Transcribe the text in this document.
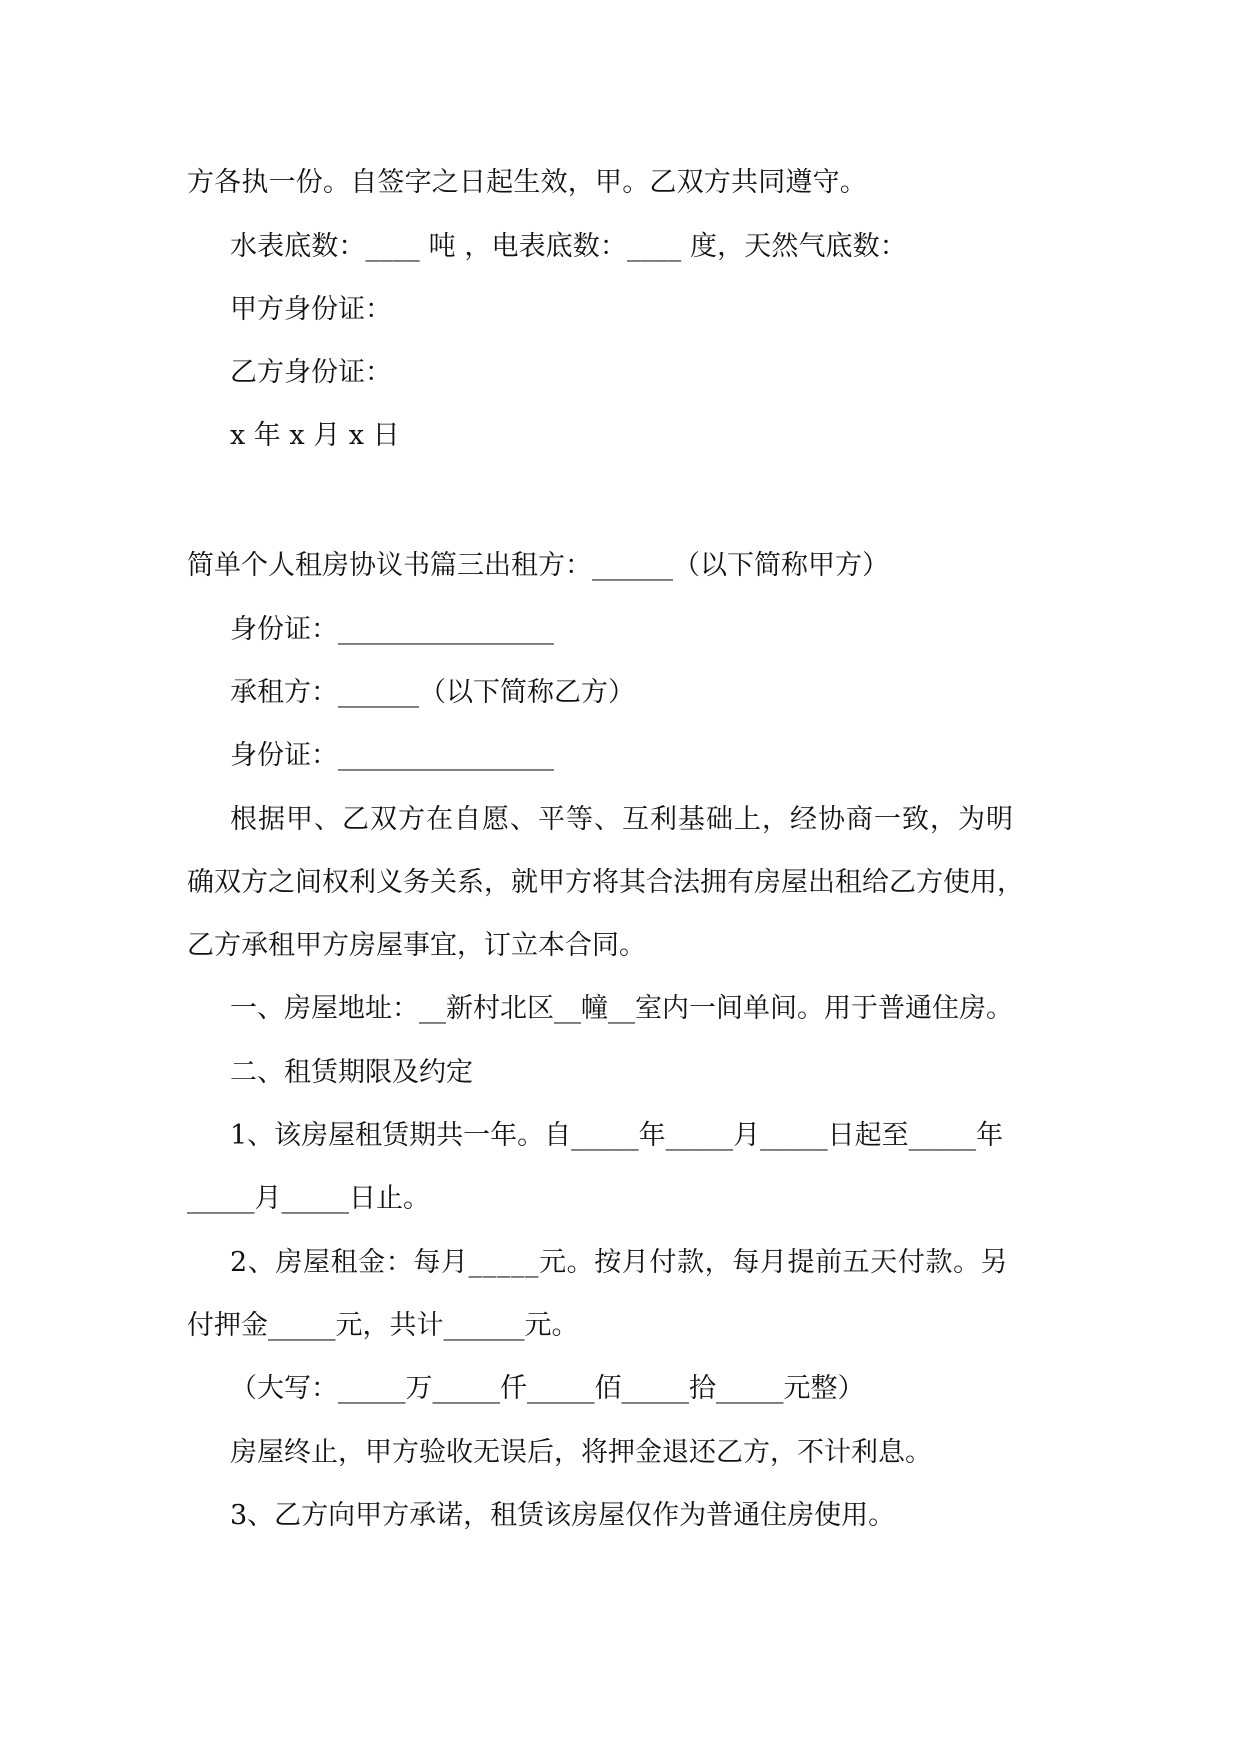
方各执一份。自签字之日起生效，甲。乙双方共同遵守。
水表底数：____ 吨 ，电表底数：____ 度，天然气底数：
甲方身份证：
乙方身份证：
x 年 x 月 x 日
简单个人租房协议书篇三出租方：______（以下简称甲方）
身份证：________________
承租方：______（以下简称乙方）
身份证：________________
根据甲、乙双方在自愿、平等、互利基础上，经协商一致，为明
确双方之间权利义务关系，就甲方将其合法拥有房屋出租给乙方使用，
乙方承租甲方房屋事宜，订立本合同。
一、房屋地址：__新村北区__幢__室内一间单间。用于普通住房。
二、租赁期限及约定
1、该房屋租赁期共一年。自_____年_____月_____日起至_____年
_____月_____日止。
2、房屋租金：每月_____元。按月付款，每月提前五天付款。另
付押金_____元，共计______元。
（大写：_____万_____仟_____佰_____拾_____元整）
房屋终止，甲方验收无误后，将押金退还乙方，不计利息。
3、乙方向甲方承诺，租赁该房屋仅作为普通住房使用。
